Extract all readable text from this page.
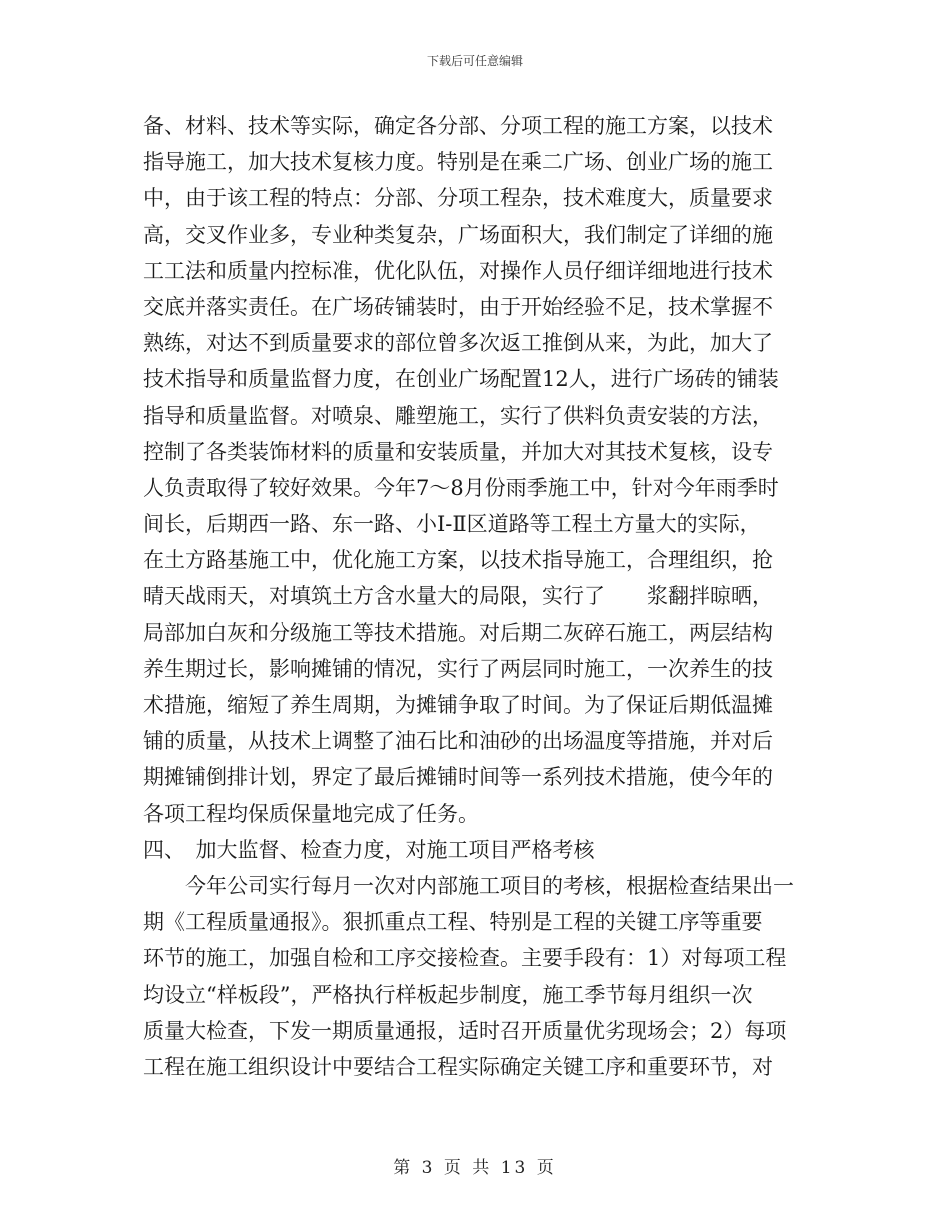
下载后可任意编辑
备、材料、技术等实际，确定各分部、分项工程的施工方案，以技术
指导施工，加大技术复核力度。特别是在乘二广场、创业广场的施工
中，由于该工程的特点：分部、分项工程杂，技术难度大，质量要求
高，交叉作业多，专业种类复杂，广场面积大，我们制定了详细的施
工工法和质量内控标准，优化队伍，对操作人员仔细详细地进行技术
交底并落实责任。在广场砖铺装时，由于开始经验不足，技术掌握不
熟练，对达不到质量要求的部位曾多次返工推倒从来，为此，加大了
技术指导和质量监督力度，在创业广场配置12人，进行广场砖的铺装
指导和质量监督。对喷泉、雕塑施工，实行了供料负责安装的方法，
控制了各类装饰材料的质量和安装质量，并加大对其技术复核，设专
人负责取得了较好效果。今年7～8月份雨季施工中，针对今年雨季时
间长，后期西一路、东一路、小Ⅰ-Ⅱ区道路等工程土方量大的实际，
在土方路基施工中，优化施工方案，以技术指导施工，合理组织，抢
晴天战雨天，对填筑土方含水量大的局限，实行了　　浆翻拌晾晒，
局部加白灰和分级施工等技术措施。对后期二灰碎石施工，两层结构
养生期过长，影响摊铺的情况，实行了两层同时施工，一次养生的技
术措施，缩短了养生周期，为摊铺争取了时间。为了保证后期低温摊
铺的质量，从技术上调整了油石比和油砂的出场温度等措施，并对后
期摊铺倒排计划，界定了最后摊铺时间等一系列技术措施，使今年的
各项工程均保质保量地完成了任务。
四、　加大监督、检查力度，对施工项目严格考核
　　今年公司实行每月一次对内部施工项目的考核，根据检查结果出一
期《工程质量通报》。狠抓重点工程、特别是工程的关键工序等重要
环节的施工，加强自检和工序交接检查。主要手段有：1）对每项工程
均设立“样板段”，严格执行样板起步制度，施工季节每月组织一次
质量大检查，下发一期质量通报，适时召开质量优劣现场会；2）每项
工程在施工组织设计中要结合工程实际确定关键工序和重要环节，对
第 3 页 共 13 页
